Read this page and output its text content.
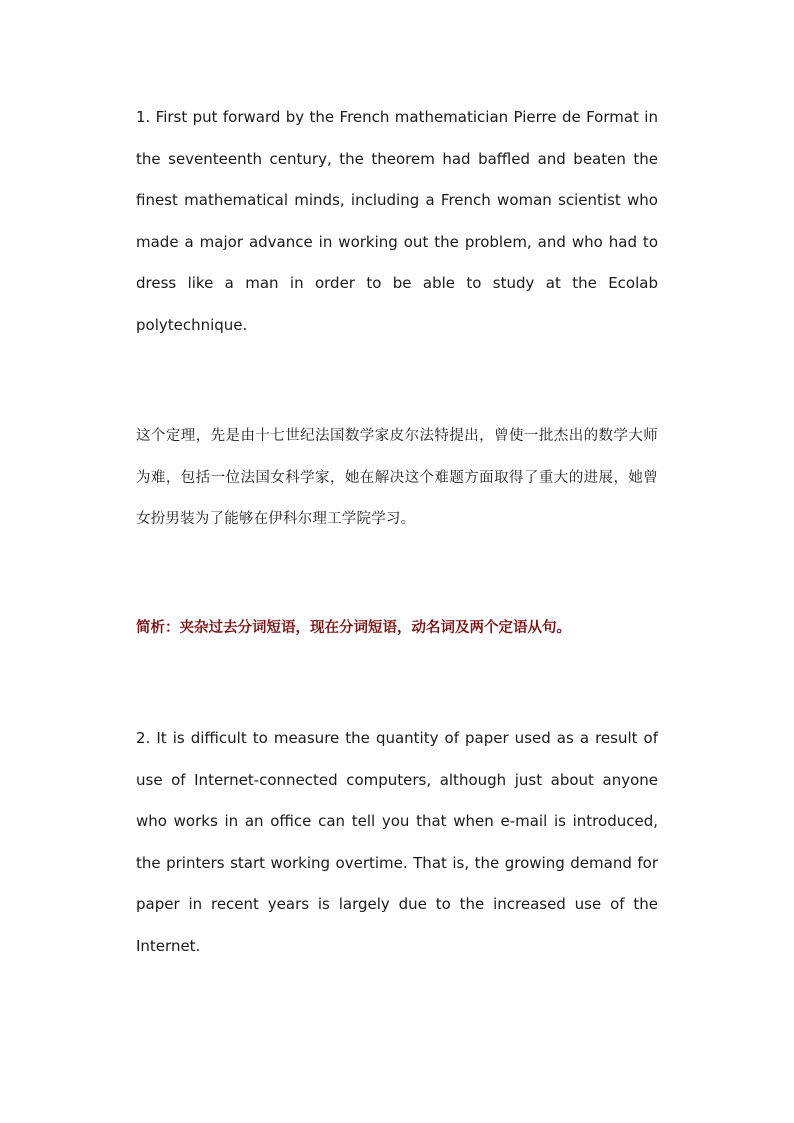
1. First put forward by the French mathematician Pierre de Format in the seventeenth century, the theorem had baffled and beaten the finest mathematical minds, including a French woman scientist who made a major advance in working out the problem, and who had to dress like a man in order to be able to study at the Ecolab polytechnique.

这个定理，先是由十七世纪法国数学家皮尔法特提出，曾使一批杰出的数学大师为难，包括一位法国女科学家，她在解决这个难题方面取得了重大的进展，她曾女扮男装为了能够在伊科尔理工学院学习。

简析：夹杂过去分词短语，现在分词短语，动名词及两个定语从句。

2. It is difficult to measure the quantity of paper used as a result of use of Internet-connected computers, although just about anyone who works in an office can tell you that when e-mail is introduced, the printers start working overtime. That is, the growing demand for paper in recent years is largely due to the increased use of the Internet.
